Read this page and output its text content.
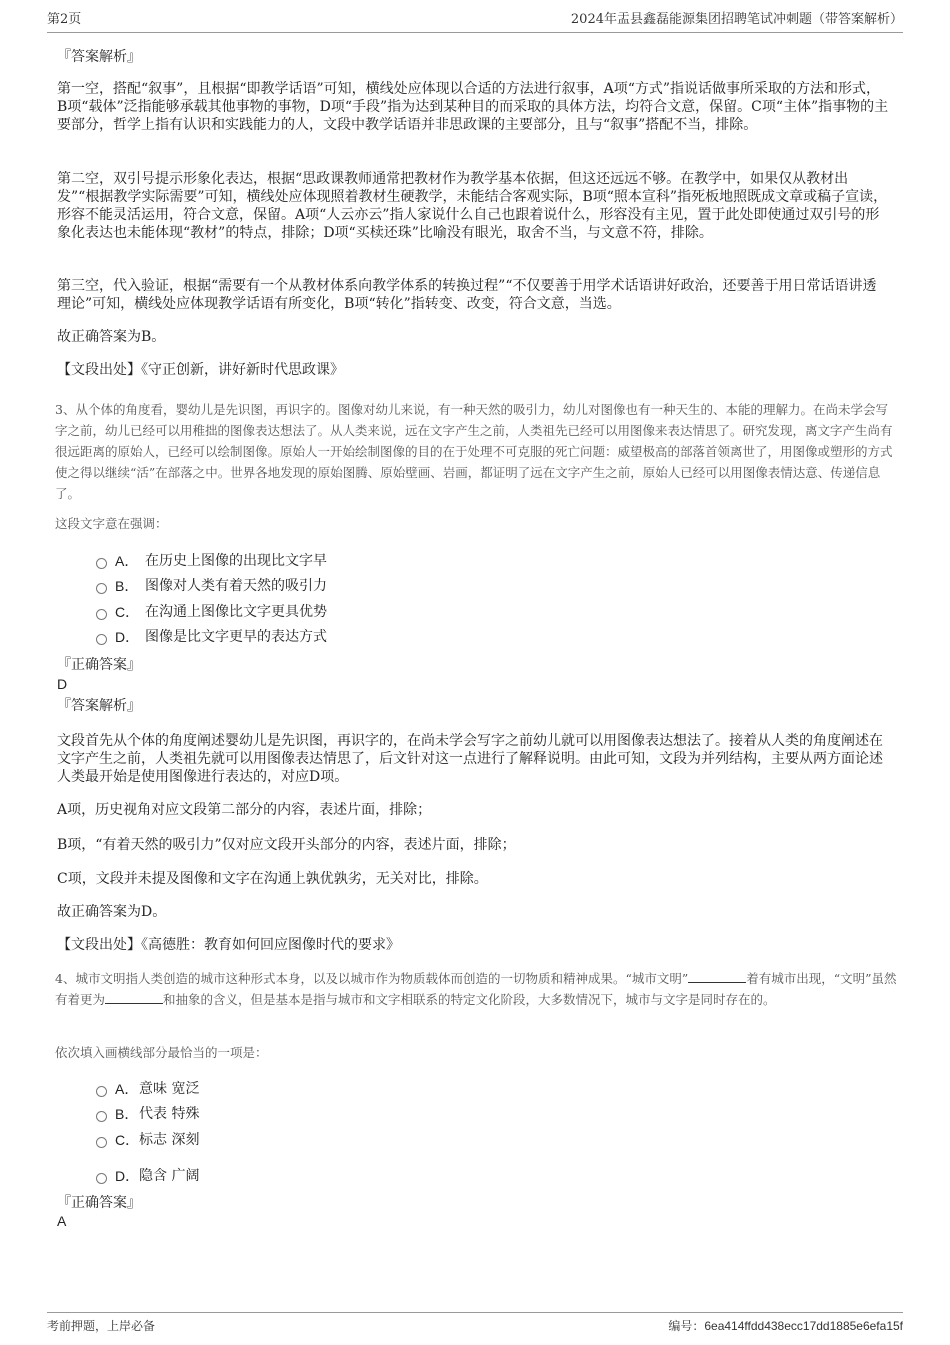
第2页	2024年盂县鑫磊能源集团招聘笔试冲刺题（带答案解析）
『答案解析』

第一空，搭配“叙事”，且根据“即教学话语”可知，横线处应体现以合适的方法进行叙事，A项“方式”指说话做事所采取的方法和形式，B项“载体”泛指能够承载其他事物的事物，D项“手段”指为达到某种目的而采取的具体方法，均符合文意，保留。C项“主体”指事物的主要部分，哲学上指有认识和实践能力的人，文段中教学话语并非思政课的主要部分，且与“叙事”搭配不当，排除。

第二空，双引号提示形象化表达，根据“思政课教师通常把教材作为教学基本依据，但这还远远不够。在教学中，如果仅从教材出发”“根据教学实际需要”可知，横线处应体现照着教材生硬教学，未能结合客观实际，B项“照本宣科”指死板地照既成文章或稿子宣读，形容不能灵活运用，符合文意，保留。A项“人云亦云”指人家说什么自己也跟着说什么，形容没有主见，置于此处即使通过双引号的形象化表达也未能体现“教材”的特点，排除；D项“买椟还珠”比喻没有眼光，取舍不当，与文意不符，排除。

第三空，代入验证，根据“需要有一个从教材体系向教学体系的转换过程”“不仅要善于用学术话语讲好政治，还要善于用日常话语讲透理论”可知，横线处应体现教学话语有所变化，B项“转化”指转变、改变，符合文意，当选。

故正确答案为B。
【文段出处】《守正创新，讲好新时代思政课》

3、从个体的角度看，婴幼儿是先识图，再识字的。图像对幼儿来说，有一种天然的吸引力，幼儿对图像也有一种天生的、本能的理解力。在尚未学会写字之前，幼儿已经可以用稚拙的图像表达想法了。从人类来说，远在文字产生之前，人类祖先已经可以用图像来表达情思了。研究发现，离文字产生尚有很远距离的原始人，已经可以绘制图像。原始人一开始绘制图像的目的在于处理不可克服的死亡问题：威望极高的部落首领离世了，用图像或塑形的方式使之得以继续“活”在部落之中。世界各地发现的原始图腾、原始壁画、岩画，都证明了远在文字产生之前，原始人已经可以用图像表情达意、传递信息了。

这段文字意在强调：
A． 在历史上图像的出现比文字早
B． 图像对人类有着天然的吸引力
C． 在沟通上图像比文字更具优势
D． 图像是比文字更早的表达方式
『正确答案』
D
『答案解析』

文段首先从个体的角度阐述婴幼儿是先识图，再识字的，在尚未学会写字之前幼儿就可以用图像表达想法了。接着从人类的角度阐述在文字产生之前，人类祖先就可以用图像表达情思了，后文针对这一点进行了解释说明。由此可知，文段为并列结构，主要从两方面论述人类最开始是使用图像进行表达的，对应D项。

A项，历史视角对应文段第二部分的内容，表述片面，排除；
B项，“有着天然的吸引力”仅对应文段开头部分的内容，表述片面，排除；
C项，文段并未提及图像和文字在沟通上孰优孰劣，无关对比，排除。
故正确答案为D。
【文段出处】《高德胜：教育如何回应图像时代的要求》

4、城市文明指人类创造的城市这种形式本身，以及以城市作为物质载体而创造的一切物质和精神成果。“城市文明”	着有城市出现，“文明”虽然有着更为	和抽象的含义，但是基本是指与城市和文字相联系的特定文化阶段，大多数情况下，城市与文字是同时存在的。

依次填入画横线部分最恰当的一项是：
A． 意味 宽泛
B． 代表 特殊
C． 标志 深刻
D． 隐含 广阔
『正确答案』
A
考前押题，上岸必备	编号：6ea414ffdd438ecc17dd1885e6efa15f
